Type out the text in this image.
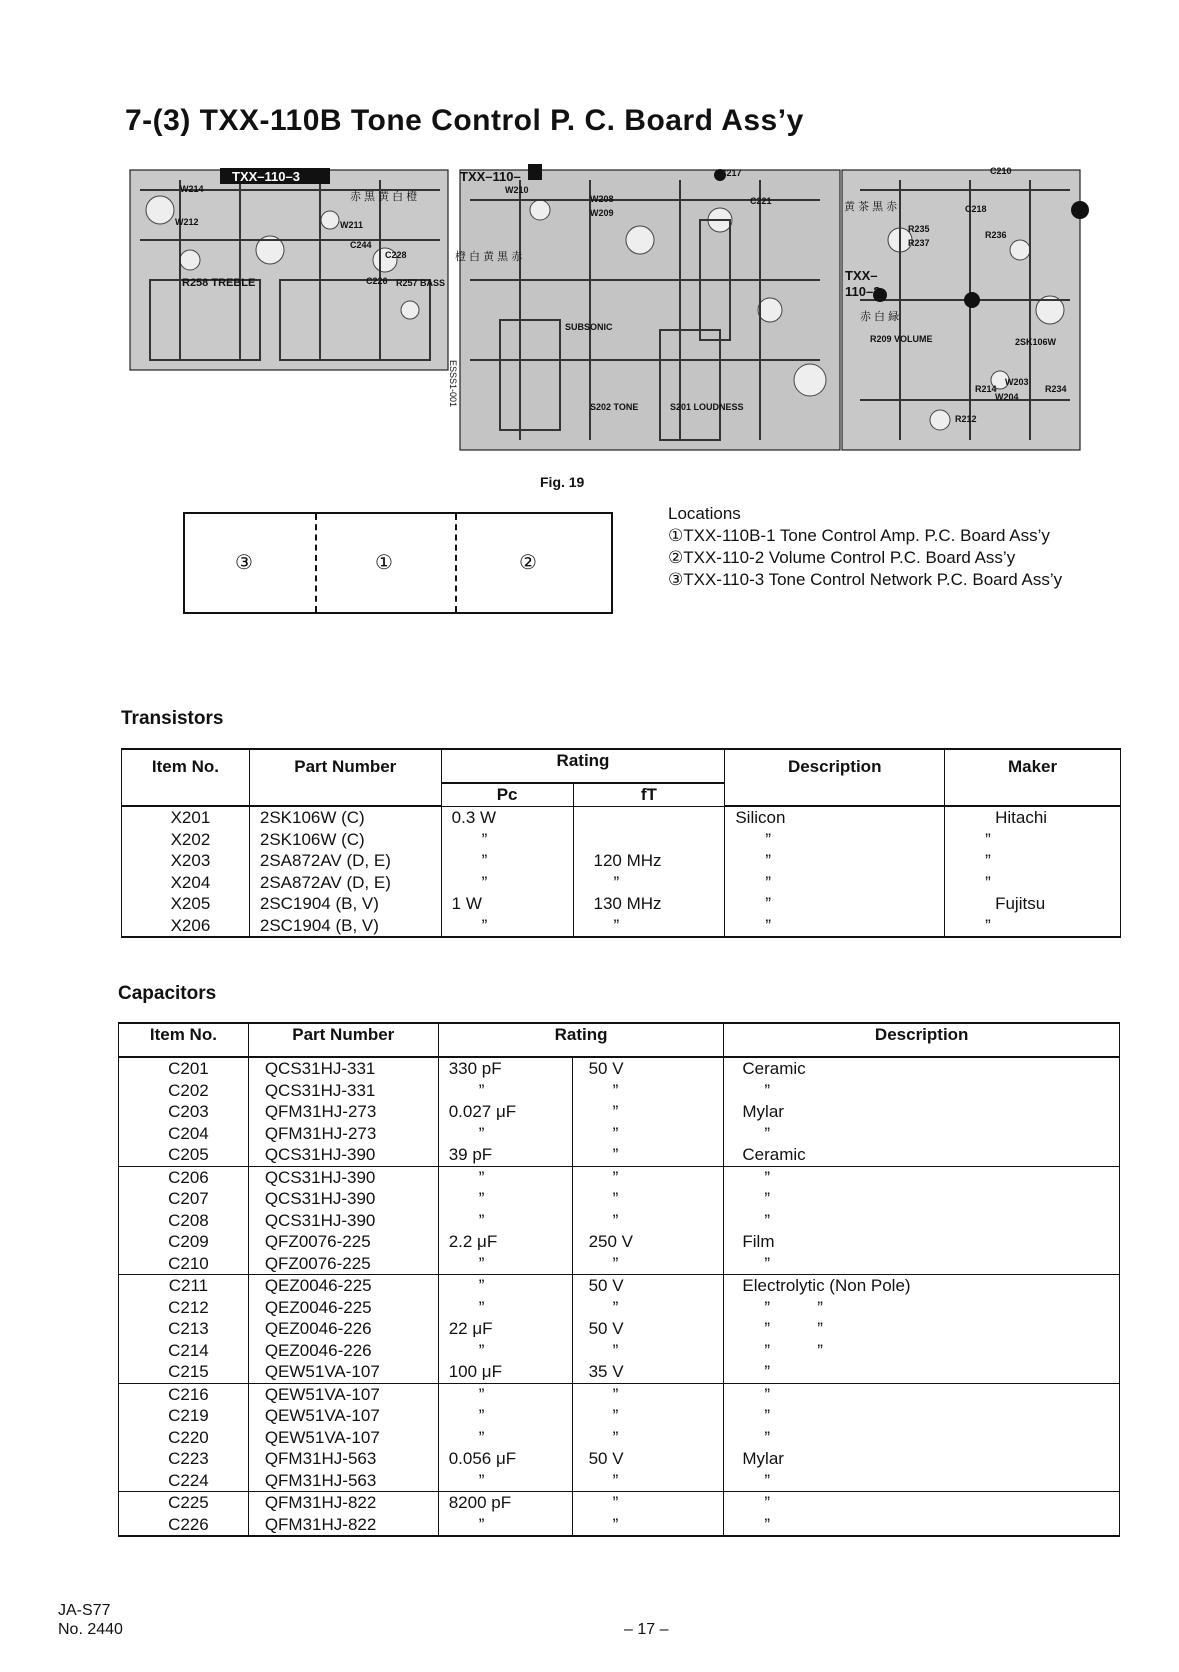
7-(3) TXX-110B Tone Control P. C. Board Ass’y
TXX–110–3	TXX–110–
TXX–
110–2
R258 TREBLE	R257 BASS
R209 VOLUME
SUBSONIC
S202 TONE	S201 LOUDNESS
W214
W212	W211
C244
C228
C226
W208
W209
W210
C217
C221
C210
C218
R236
R235
R237
2SK106W
W203
W204
R214	R234
R212
赤 黒 黄 白 橙
橙 白 黄 黒 赤
黄 茶 黒 赤
赤 白 緑
ESSS1-001
Fig. 19
③	①	②
Locations
①TXX-110B-1 Tone Control Amp. P.C. Board Ass’y
②TXX-110-2 Volume Control P.C. Board Ass’y
③TXX-110-3 Tone Control Network P.C. Board Ass’y
Transistors
Item No.	Part Number	Rating		Description	Maker
		Pc	fT		
X201	2SK106W (C)	0.3 W		Silicon	Hitachi
X202	2SK106W (C)	”		”	”
X203	2SA872AV (D, E)	”	120 MHz	”	”
X204	2SA872AV (D, E)	”	”	”	”
X205	2SC1904 (B, V)	1 W	130 MHz	”	Fujitsu
X206	2SC1904 (B, V)	”	”	”	”
Capacitors
Item No.	Part Number	Rating		Description
C201	QCS31HJ-331	330 pF	50 V	Ceramic
C202	QCS31HJ-331	”	”	”
C203	QFM31HJ-273	0.027 μF	”	Mylar
C204	QFM31HJ-273	”	”	”
C205	QCS31HJ-390	39 pF	”	Ceramic
C206	QCS31HJ-390	”	”	”
C207	QCS31HJ-390	”	”	”
C208	QCS31HJ-390	”	”	”
C209	QFZ0076-225	2.2 μF	250 V	Film
C210	QFZ0076-225	”	”	”
C211	QEZ0046-225	”	50 V	Electrolytic (Non Pole)
C212	QEZ0046-225	”	”	”          ”
C213	QEZ0046-226	22 μF	50 V	”          ”
C214	QEZ0046-226	”	”	”          ”
C215	QEW51VA-107	100 μF	35 V	”
C216	QEW51VA-107	”	”	”
C219	QEW51VA-107	”	”	”
C220	QEW51VA-107	”	”	”
C223	QFM31HJ-563	0.056 μF	50 V	Mylar
C224	QFM31HJ-563	”	”	”
C225	QFM31HJ-822	8200 pF	”	”
C226	QFM31HJ-822	”	”	”
JA-S77
No. 2440	– 17 –
